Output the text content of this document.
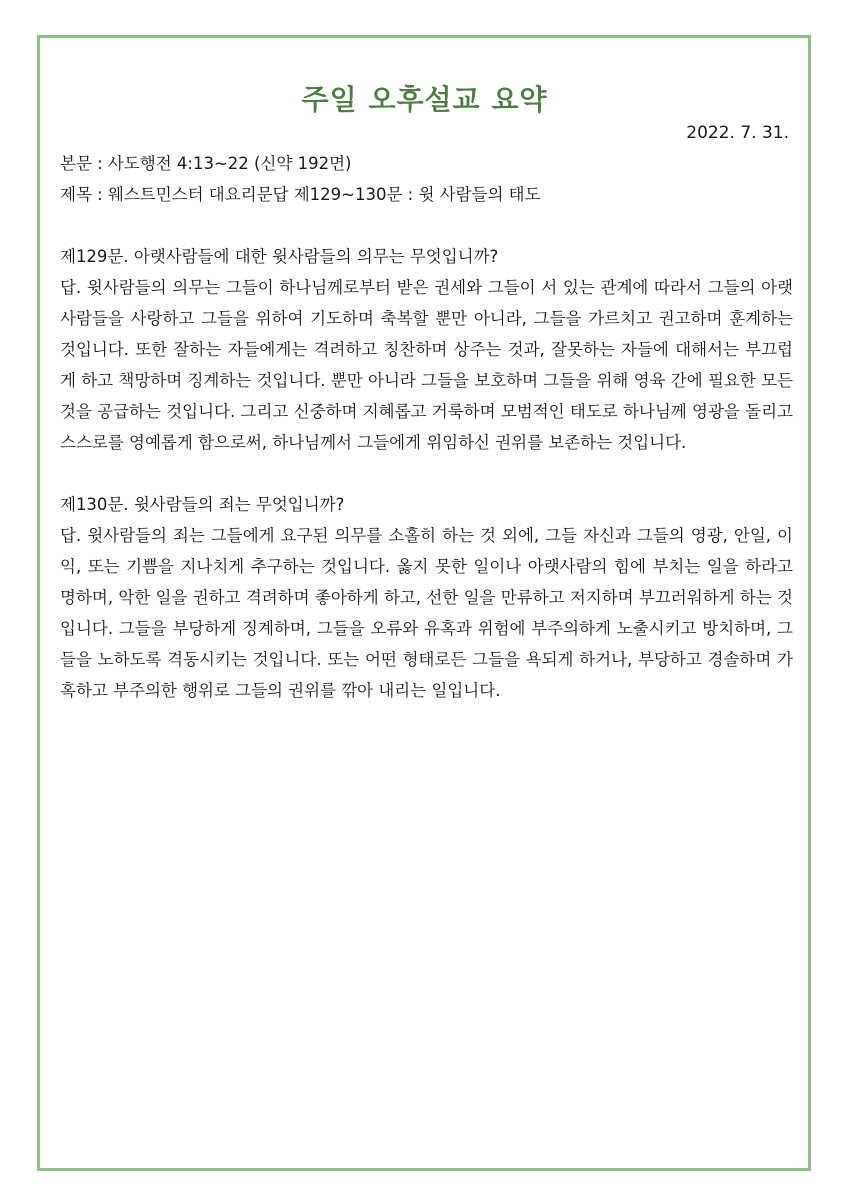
주일 오후설교 요약
2022. 7. 31.

본문 : 사도행전 4:13~22 (신약 192면)

제목 : 웨스트민스터 대요리문답 제129~130문 : 윗 사람들의 태도

제129문. 아랫사람들에 대한 윗사람들의 의무는 무엇입니까?

답. 윗사람들의 의무는 그들이 하나님께로부터 받은 권세와 그들이 서 있는 관계에 따라서 그들의 아랫사람들을 사랑하고 그들을 위하여 기도하며 축복할 뿐만 아니라, 그들을 가르치고 권고하며 훈계하는 것입니다. 또한 잘하는 자들에게는 격려하고 칭찬하며 상주는 것과, 잘못하는 자들에 대해서는 부끄럽게 하고 책망하며 징계하는 것입니다. 뿐만 아니라 그들을 보호하며 그들을 위해 영육 간에 필요한 모든 것을 공급하는 것입니다. 그리고 신중하며 지혜롭고 거룩하며 모범적인 태도로 하나님께 영광을 돌리고 스스로를 영예롭게 함으로써, 하나님께서 그들에게 위임하신 권위를 보존하는 것입니다.

제130문. 윗사람들의 죄는 무엇입니까?

답. 윗사람들의 죄는 그들에게 요구된 의무를 소홀히 하는 것 외에, 그들 자신과 그들의 영광, 안일, 이익, 또는 기쁨을 지나치게 추구하는 것입니다. 옳지 못한 일이나 아랫사람의 힘에 부치는 일을 하라고 명하며, 악한 일을 권하고 격려하며 좋아하게 하고, 선한 일을 만류하고 저지하며 부끄러워하게 하는 것입니다. 그들을 부당하게 징계하며, 그들을 오류와 유혹과 위험에 부주의하게 노출시키고 방치하며, 그들을 노하도록 격동시키는 것입니다. 또는 어떤 형태로든 그들을 욕되게 하거나, 부당하고 경솔하며 가혹하고 부주의한 행위로 그들의 권위를 깎아 내리는 일입니다.
